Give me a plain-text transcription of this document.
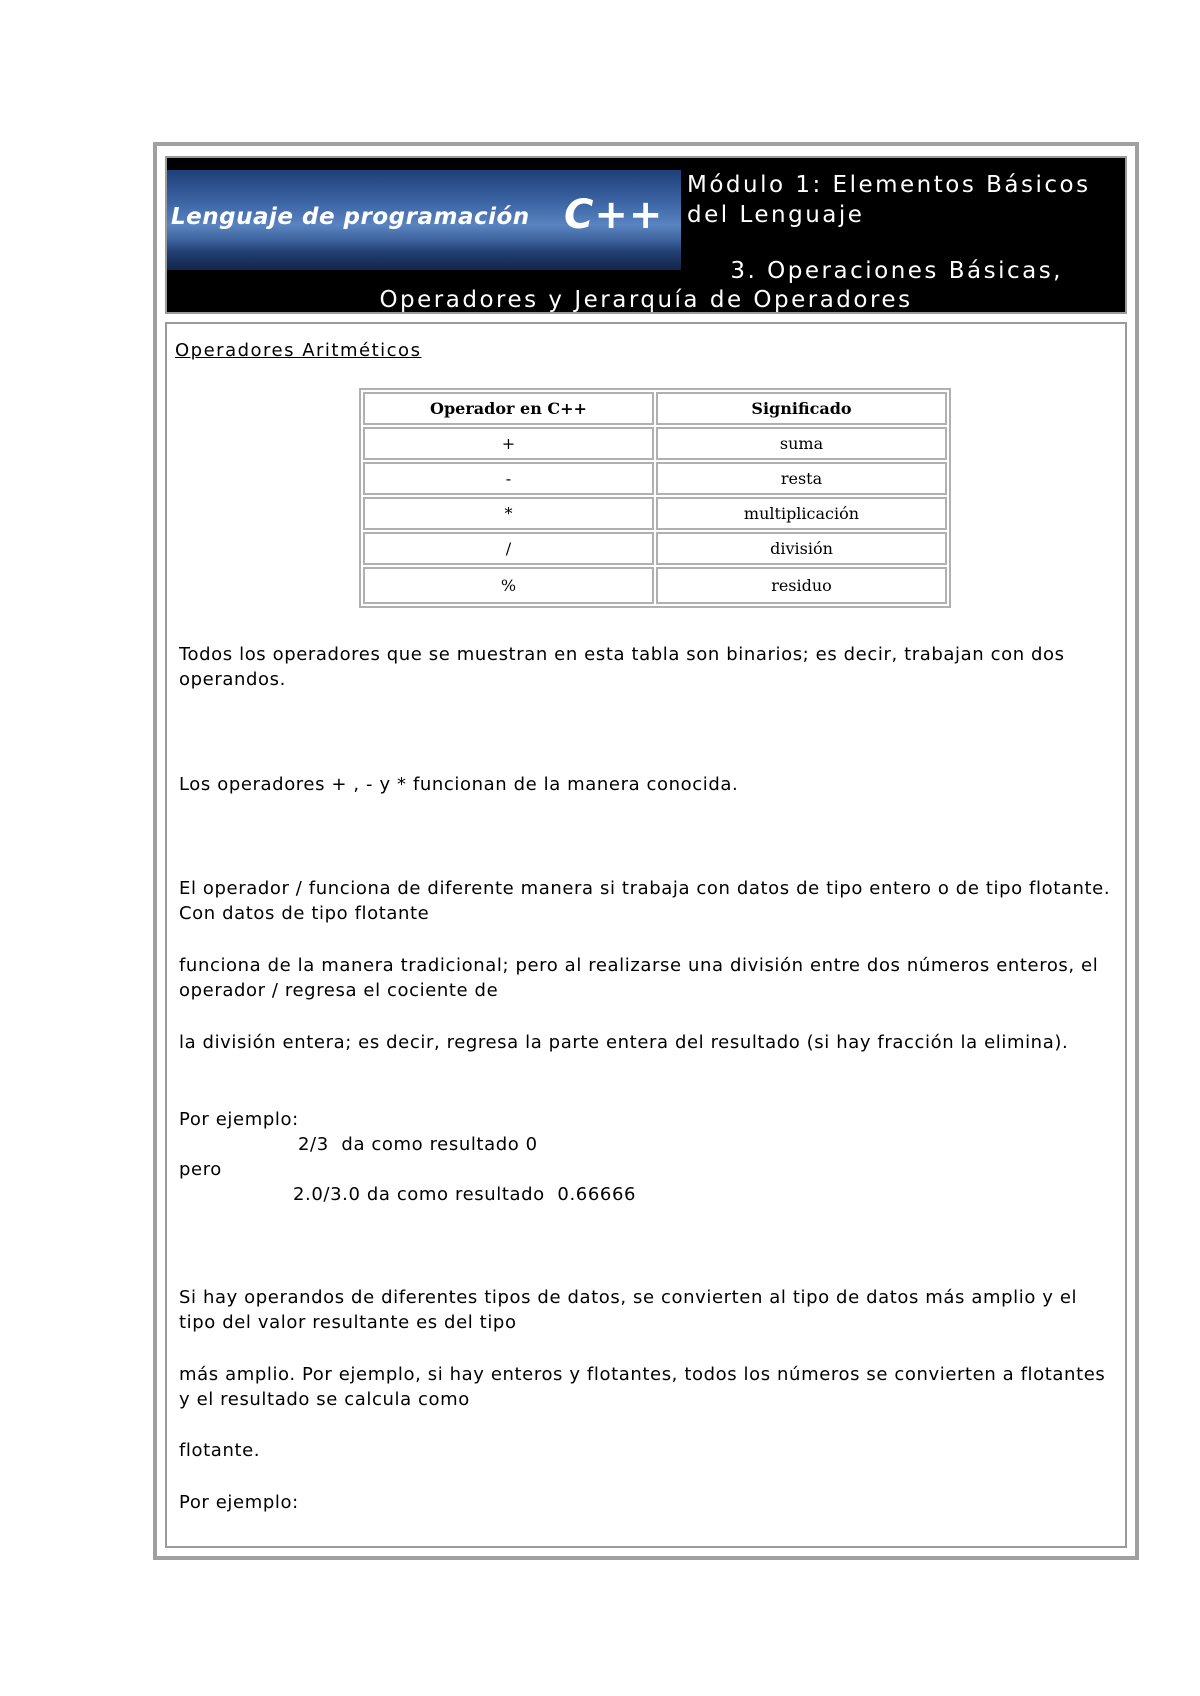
Lenguaje de programación C++
Módulo 1: Elementos Básicos del Lenguaje
3. Operaciones Básicas,
Operadores y Jerarquía de Operadores
Operadores Aritméticos
Operador en C++	Significado
+	suma
-	resta
*	multiplicación
/	división
%	residuo
Todos los operadores que se muestran en esta tabla son binarios; es decir, trabajan con dos operandos.
Los operadores + , - y * funcionan de la manera conocida.
El operador / funciona de diferente manera si trabaja con datos de tipo entero o de tipo flotante. Con datos de tipo flotante
funciona de la manera tradicional; pero al realizarse una división entre dos números enteros, el operador / regresa el cociente de
la división entera; es decir, regresa la parte entera del resultado (si hay fracción la elimina).
Por ejemplo:
2/3  da como resultado 0
pero
2.0/3.0 da como resultado  0.66666
Si hay operandos de diferentes tipos de datos, se convierten al tipo de datos más amplio y el tipo del valor resultante es del tipo
más amplio. Por ejemplo, si hay enteros y flotantes, todos los números se convierten a flotantes y el resultado se calcula como
flotante.
Por ejemplo:
